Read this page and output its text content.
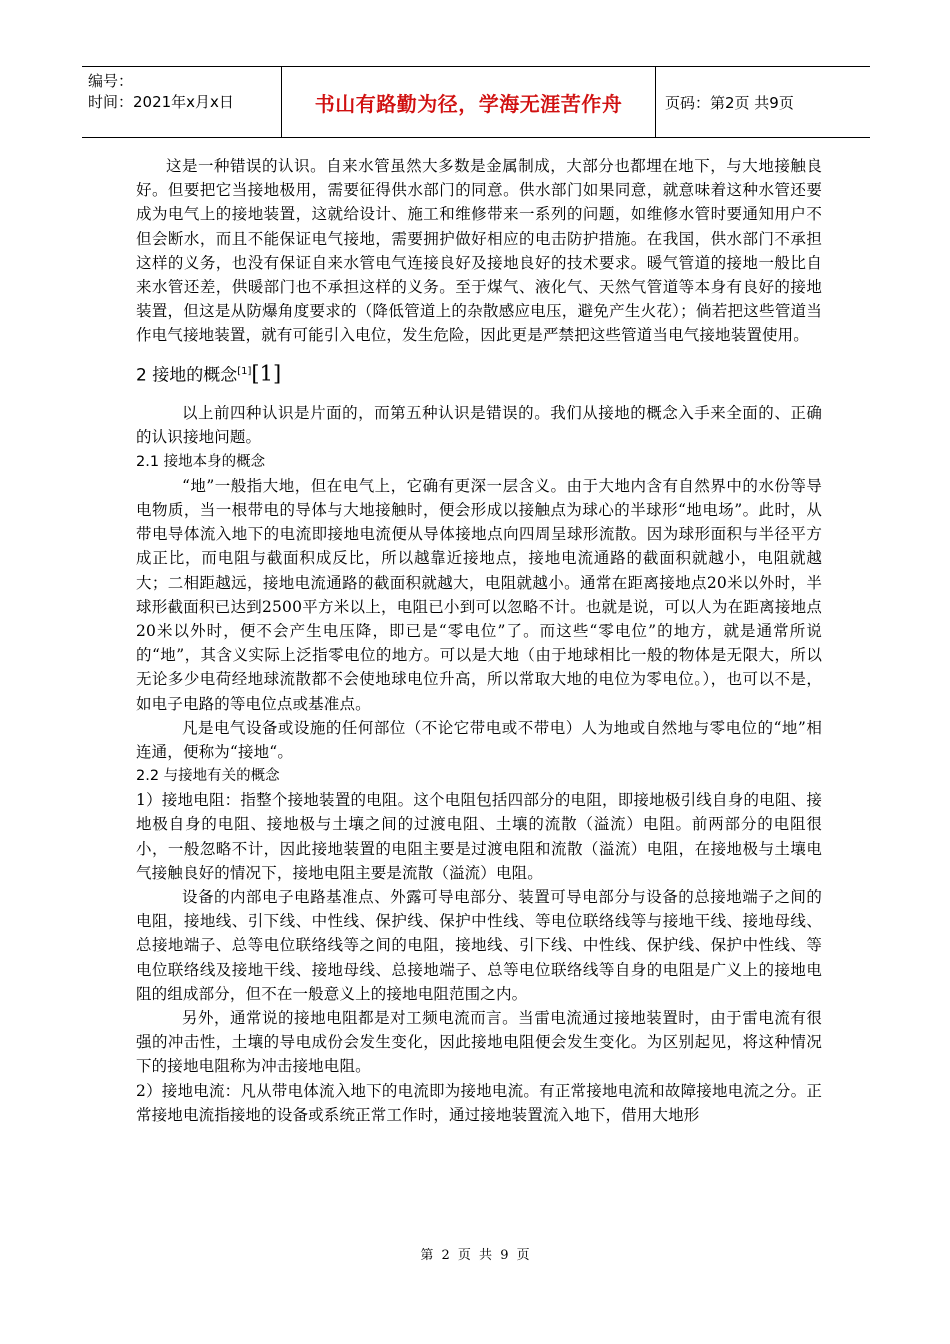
编号：
时间：2021年x月x日	书山有路勤为径，学海无涯苦作舟	页码：第2页 共9页

这是一种错误的认识。自来水管虽然大多数是金属制成，大部分也都埋在地下，与大地接触良好。但要把它当接地极用，需要征得供水部门的同意。供水部门如果同意，就意味着这种水管还要成为电气上的接地装置，这就给设计、施工和维修带来一系列的问题，如维修水管时要通知用户不但会断水，而且不能保证电气接地，需要拥护做好相应的电击防护措施。在我国，供水部门不承担这样的义务，也没有保证自来水管电气连接良好及接地良好的技术要求。暖气管道的接地一般比自来水管还差，供暖部门也不承担这样的义务。至于煤气、液化气、天然气管道等本身有良好的接地装置，但这是从防爆角度要求的（降低管道上的杂散感应电压，避免产生火花）；倘若把这些管道当作电气接地装置，就有可能引入电位，发生危险，因此更是严禁把这些管道当电气接地装置使用。

2 接地的概念[1][1]

以上前四种认识是片面的，而第五种认识是错误的。我们从接地的概念入手来全面的、正确的认识接地问题。

2.1 接地本身的概念

“地”一般指大地，但在电气上，它确有更深一层含义。由于大地内含有自然界中的水份等导电物质，当一根带电的导体与大地接触时，便会形成以接触点为球心的半球形“地电场”。此时，从带电导体流入地下的电流即接地电流便从导体接地点向四周呈球形流散。因为球形面积与半径平方成正比，而电阻与截面积成反比，所以越靠近接地点，接地电流通路的截面积就越小，电阻就越大；二相距越远，接地电流通路的截面积就越大，电阻就越小。通常在距离接地点20米以外时，半球形截面积已达到2500平方米以上，电阻已小到可以忽略不计。也就是说，可以人为在距离接地点20米以外时，便不会产生电压降，即已是“零电位”了。而这些“零电位”的地方，就是通常所说的“地”，其含义实际上泛指零电位的地方。可以是大地（由于地球相比一般的物体是无限大，所以无论多少电荷经地球流散都不会使地球电位升高，所以常取大地的电位为零电位。），也可以不是，如电子电路的等电位点或基准点。

凡是电气设备或设施的任何部位（不论它带电或不带电）人为地或自然地与零电位的“地”相连通，便称为“接地“。

2.2 与接地有关的概念

1）接地电阻：指整个接地装置的电阻。这个电阻包括四部分的电阻，即接地极引线自身的电阻、接地极自身的电阻、接地极与土壤之间的过渡电阻、土壤的流散（溢流）电阻。前两部分的电阻很小，一般忽略不计，因此接地装置的电阻主要是过渡电阻和流散（溢流）电阻，在接地极与土壤电气接触良好的情况下，接地电阻主要是流散（溢流）电阻。

设备的内部电子电路基准点、外露可导电部分、装置可导电部分与设备的总接地端子之间的电阻，接地线、引下线、中性线、保护线、保护中性线、等电位联络线等与接地干线、接地母线、总接地端子、总等电位联络线等之间的电阻，接地线、引下线、中性线、保护线、保护中性线、等电位联络线及接地干线、接地母线、总接地端子、总等电位联络线等自身的电阻是广义上的接地电阻的组成部分，但不在一般意义上的接地电阻范围之内。

另外，通常说的接地电阻都是对工频电流而言。当雷电流通过接地装置时，由于雷电流有很强的冲击性，土壤的导电成份会发生变化，因此接地电阻便会发生变化。为区别起见，将这种情况下的接地电阻称为冲击接地电阻。

2）接地电流：凡从带电体流入地下的电流即为接地电流。有正常接地电流和故障接地电流之分。正常接地电流指接地的设备或系统正常工作时，通过接地装置流入地下，借用大地形

第 2 页 共 9 页
